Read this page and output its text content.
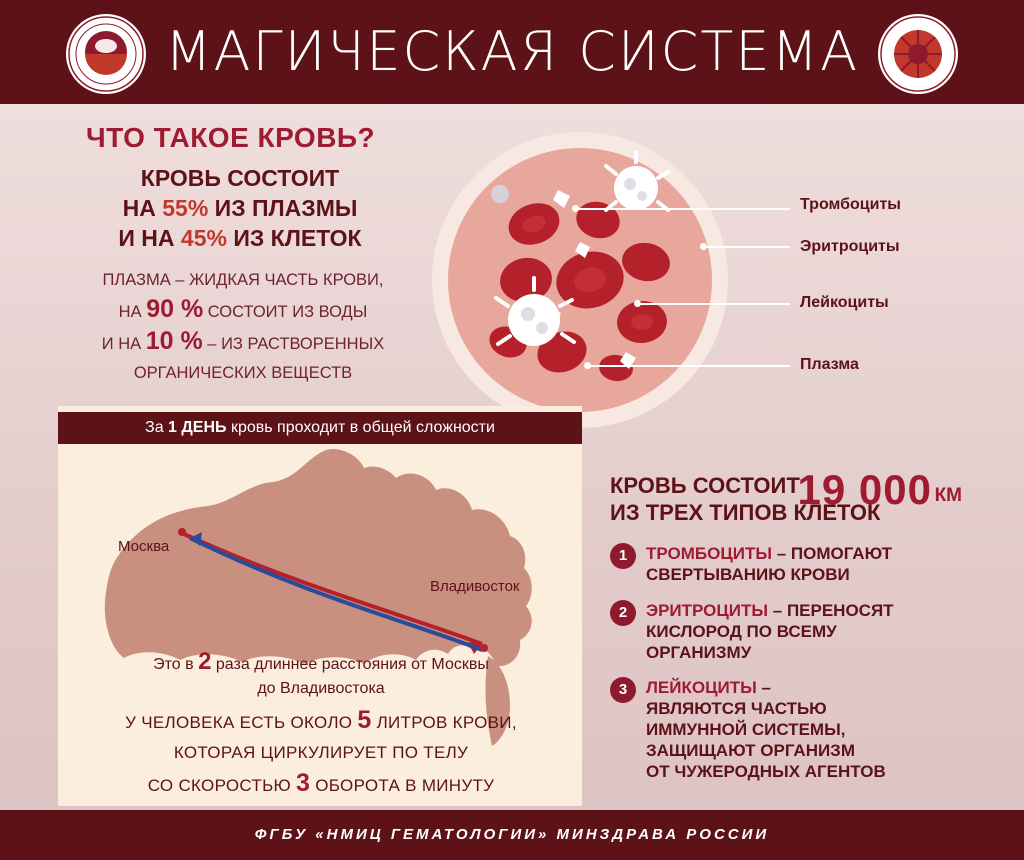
МАГИЧЕСКАЯ СИСТЕМА
ЧТО ТАКОЕ КРОВЬ?
КРОВЬ СОСТОИТ
НА 55% ИЗ ПЛАЗМЫ
И НА 45% ИЗ КЛЕТОК
ПЛАЗМА – ЖИДКАЯ ЧАСТЬ КРОВИ,
НА 90 % СОСТОИТ ИЗ ВОДЫ
И НА 10 % – ИЗ РАСТВОРЕННЫХ
ОРГАНИЧЕСКИХ ВЕЩЕСТВ
Тромбоциты
Эритроциты
Лейкоциты
Плазма
За 1 ДЕНЬ кровь проходит в общей сложности
19 000 КМ
Москва
Владивосток
Это в 2 раза длиннее расстояния от Москвы
до Владивостока
У ЧЕЛОВЕКА ЕСТЬ ОКОЛО 5 ЛИТРОВ КРОВИ,
КОТОРАЯ ЦИРКУЛИРУЕТ ПО ТЕЛУ
СО СКОРОСТЬЮ 3 ОБОРОТА В МИНУТУ
КРОВЬ СОСТОИТ
ИЗ ТРЕХ ТИПОВ КЛЕТОК
1	ТРОМБОЦИТЫ – ПОМОГАЮТ
СВЕРТЫВАНИЮ КРОВИ
2	ЭРИТРОЦИТЫ – ПЕРЕНОСЯТ
КИСЛОРОД ПО ВСЕМУ
ОРГАНИЗМУ
3	ЛЕЙКОЦИТЫ –
ЯВЛЯЮТСЯ ЧАСТЬЮ
ИММУННОЙ СИСТЕМЫ,
ЗАЩИЩАЮТ ОРГАНИЗМ
ОТ ЧУЖЕРОДНЫХ АГЕНТОВ
ФГБУ «НМИЦ ГЕМАТОЛОГИИ» МИНЗДРАВА РОССИИ
